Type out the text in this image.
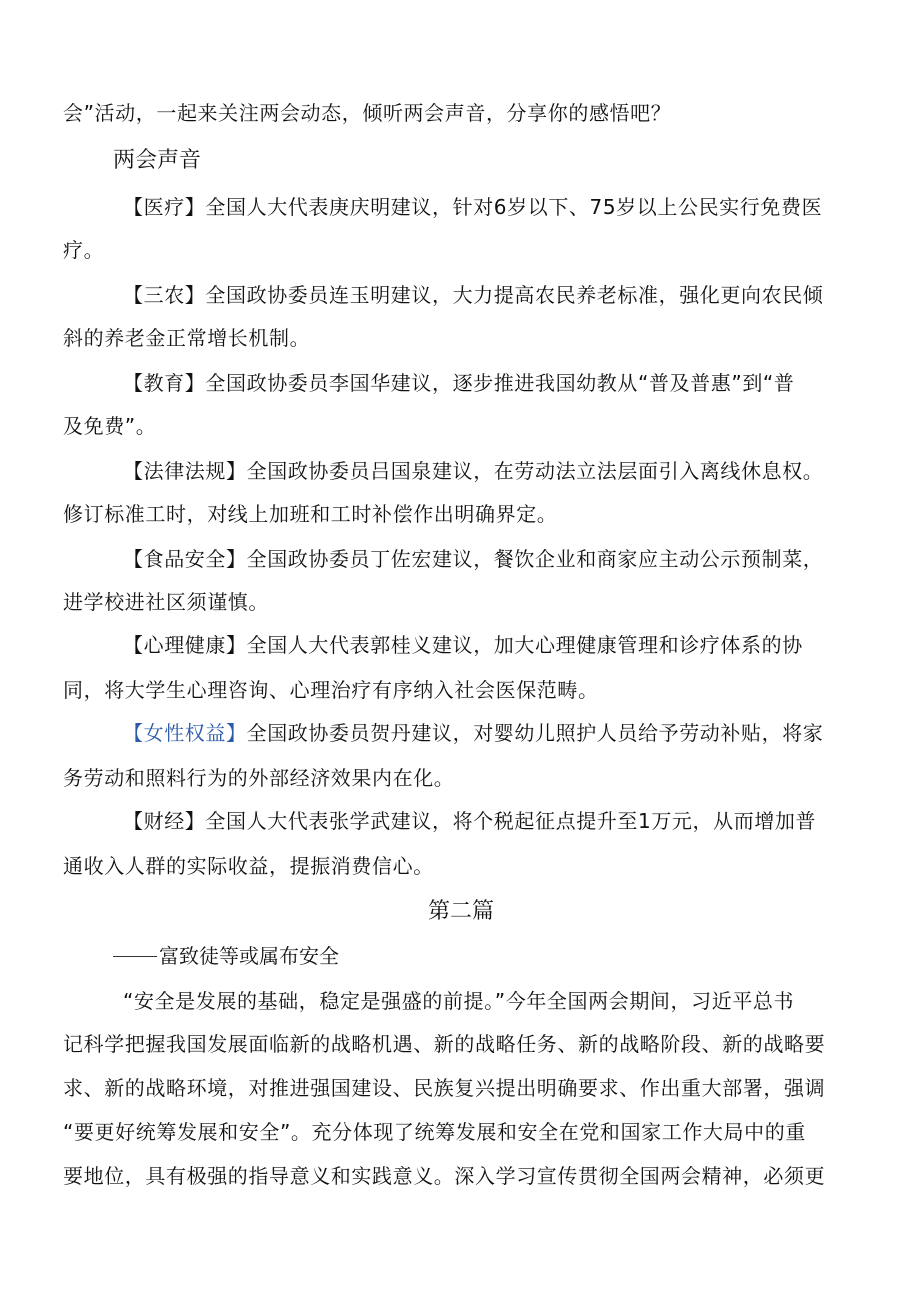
会”活动，一起来关注两会动态，倾听两会声音，分享你的感悟吧？
两会声音
【医疗】全国人大代表庚庆明建议，针对6岁以下、75岁以上公民实行免费医
疗。
【三农】全国政协委员连玉明建议，大力提高农民养老标准，强化更向农民倾
斜的养老金正常增长机制。
【教育】全国政协委员李国华建议，逐步推进我国幼教从“普及普惠”到“普
及免费”。
【法律法规】全国政协委员吕国泉建议，在劳动法立法层面引入离线休息权。
修订标准工时，对线上加班和工时补偿作出明确界定。
【食品安全】全国政协委员丁佐宏建议，餐饮企业和商家应主动公示预制菜，
进学校进社区须谨慎。
【心理健康】全国人大代表郭桂义建议，加大心理健康管理和诊疗体系的协
同，将大学生心理咨询、心理治疗有序纳入社会医保范畴。
【女性权益】全国政协委员贺丹建议，对婴幼儿照护人员给予劳动补贴，将家
务劳动和照料行为的外部经济效果内在化。
【财经】全国人大代表张学武建议，将个税起征点提升至1万元，从而增加普
通收入人群的实际收益，提振消费信心。
第二篇
富致徒等或属布安全
“安全是发展的基础，稳定是强盛的前提。”今年全国两会期间，习近平总书
记科学把握我国发展面临新的战略机遇、新的战略任务、新的战略阶段、新的战略要
求、新的战略环境，对推进强国建设、民族复兴提出明确要求、作出重大部署，强调
“要更好统筹发展和安全”。充分体现了统筹发展和安全在党和国家工作大局中的重
要地位，具有极强的指导意义和实践意义。深入学习宣传贯彻全国两会精神，必须更
